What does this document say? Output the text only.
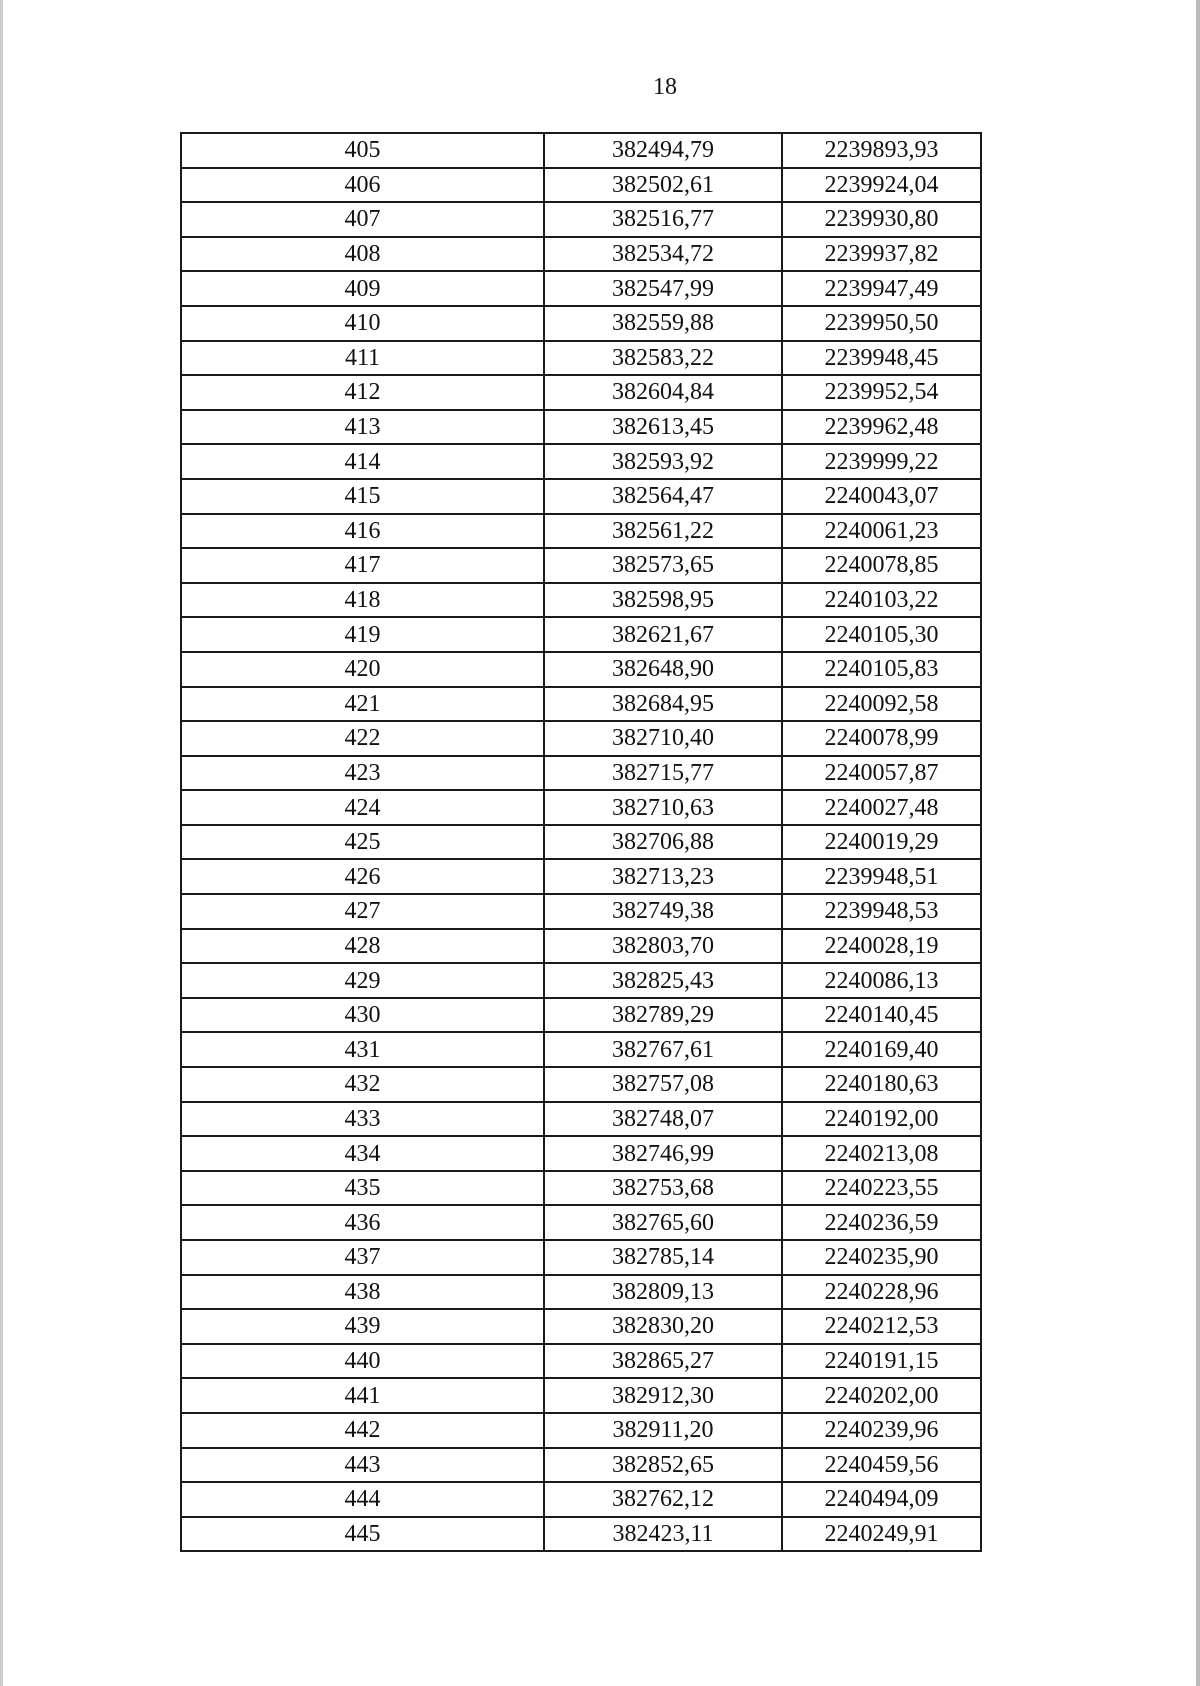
18
405	382494,79	2239893,93
406	382502,61	2239924,04
407	382516,77	2239930,80
408	382534,72	2239937,82
409	382547,99	2239947,49
410	382559,88	2239950,50
411	382583,22	2239948,45
412	382604,84	2239952,54
413	382613,45	2239962,48
414	382593,92	2239999,22
415	382564,47	2240043,07
416	382561,22	2240061,23
417	382573,65	2240078,85
418	382598,95	2240103,22
419	382621,67	2240105,30
420	382648,90	2240105,83
421	382684,95	2240092,58
422	382710,40	2240078,99
423	382715,77	2240057,87
424	382710,63	2240027,48
425	382706,88	2240019,29
426	382713,23	2239948,51
427	382749,38	2239948,53
428	382803,70	2240028,19
429	382825,43	2240086,13
430	382789,29	2240140,45
431	382767,61	2240169,40
432	382757,08	2240180,63
433	382748,07	2240192,00
434	382746,99	2240213,08
435	382753,68	2240223,55
436	382765,60	2240236,59
437	382785,14	2240235,90
438	382809,13	2240228,96
439	382830,20	2240212,53
440	382865,27	2240191,15
441	382912,30	2240202,00
442	382911,20	2240239,96
443	382852,65	2240459,56
444	382762,12	2240494,09
445	382423,11	2240249,91
